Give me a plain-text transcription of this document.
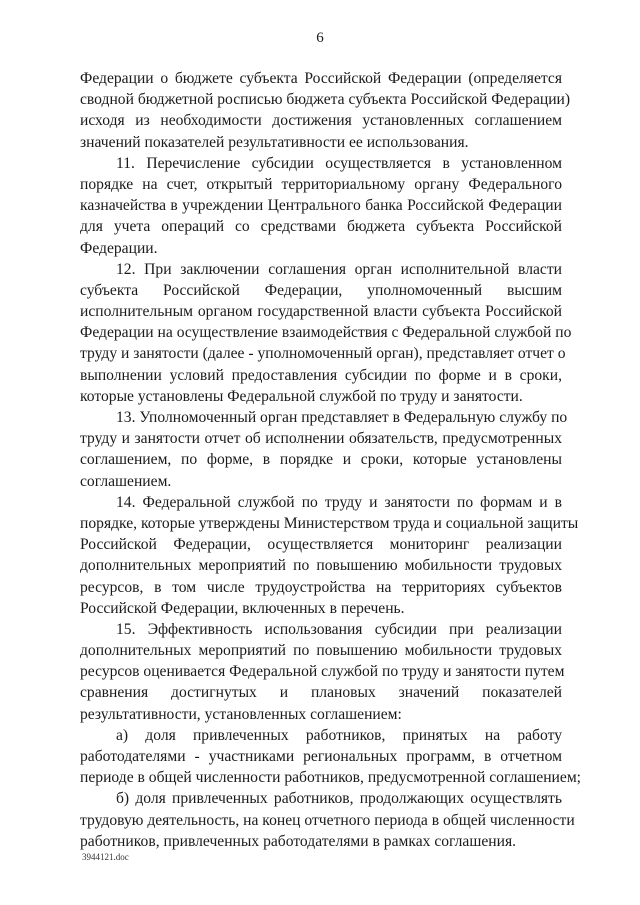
6
Федерации о бюджете субъекта Российской Федерации (определяется
сводной бюджетной росписью бюджета субъекта Российской Федерации)
исходя из необходимости достижения установленных соглашением
значений показателей результативности ее использования.
11. Перечисление субсидии осуществляется в установленном
порядке на счет, открытый территориальному органу Федерального
казначейства в учреждении Центрального банка Российской Федерации
для учета операций со средствами бюджета субъекта Российской
Федерации.
12. При заключении соглашения орган исполнительной власти
субъекта Российской Федерации, уполномоченный высшим
исполнительным органом государственной власти субъекта Российской
Федерации на осуществление взаимодействия с Федеральной службой по
труду и занятости (далее - уполномоченный орган), представляет отчет о
выполнении условий предоставления субсидии по форме и в сроки,
которые установлены Федеральной службой по труду и занятости.
13. Уполномоченный орган представляет в Федеральную службу по
труду и занятости отчет об исполнении обязательств, предусмотренных
соглашением, по форме, в порядке и сроки, которые установлены
соглашением.
14. Федеральной службой по труду и занятости по формам и в
порядке, которые утверждены Министерством труда и социальной защиты
Российской Федерации, осуществляется мониторинг реализации
дополнительных мероприятий по повышению мобильности трудовых
ресурсов, в том числе трудоустройства на территориях субъектов
Российской Федерации, включенных в перечень.
15. Эффективность использования субсидии при реализации
дополнительных мероприятий по повышению мобильности трудовых
ресурсов оценивается Федеральной службой по труду и занятости путем
сравнения достигнутых и плановых значений показателей
результативности, установленных соглашением:
а) доля привлеченных работников, принятых на работу
работодателями - участниками региональных программ, в отчетном
периоде в общей численности работников, предусмотренной соглашением;
б) доля привлеченных работников, продолжающих осуществлять
трудовую деятельность, на конец отчетного периода в общей численности
работников, привлеченных работодателями в рамках соглашения.
3944121.doc
